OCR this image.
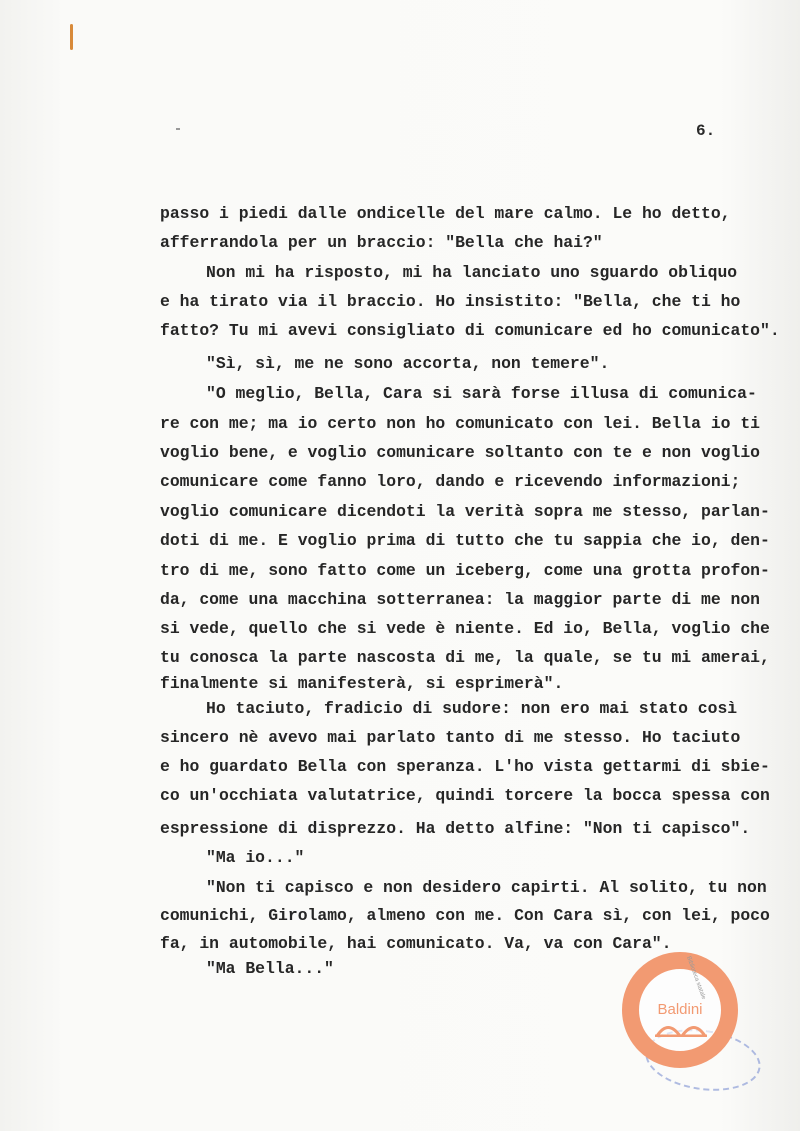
6.
passo i piedi dalle ondicelle del mare calmo. Le ho detto,
afferrandola per un braccio: "Bella che hai?"
Non mi ha risposto, mi ha lanciato uno sguardo obliquo
e ha tirato via il braccio. Ho insistito: "Bella, che ti ho
fatto? Tu mi avevi consigliato di comunicare ed ho comunicato".
"Sì, sì, me ne sono accorta, non temere".
"O meglio, Bella, Cara si sarà forse illusa di comunica-
re con me; ma io certo non ho comunicato con lei. Bella io ti
voglio bene, e voglio comunicare soltanto con te e non voglio
comunicare come fanno loro, dando e ricevendo informazioni;
voglio comunicare dicendoti la verità sopra me stesso, parlan-
doti di me. E voglio prima di tutto che tu sappia che io, den-
tro di me, sono fatto come un iceberg, come una grotta profon-
da, come una macchina sotterranea: la maggior parte di me non
si vede, quello che si vede è niente. Ed io, Bella, voglio che
tu conosca la parte nascosta di me, la quale, se tu mi amerai,
finalmente si manifesterà, si esprimerà".
Ho taciuto, fradicio di sudore: non ero mai stato così
sincero nè avevo mai parlato tanto di me stesso. Ho taciuto
e ho guardato Bella con speranza. L'ho vista gettarmi di sbie-
co un'occhiata valutatrice, quindi torcere la bocca spessa con
espressione di disprezzo. Ha detto alfine: "Non ti capisco".
"Ma io..."
"Non ti capisco e non desidero capirti. Al solito, tu non
comunichi, Girolamo, almeno con me. Con Cara sì, con lei, poco
fa, in automobile, hai comunicato. Va, va con Cara".
"Ma Bella..."	Biblioteca statale
Baldini
